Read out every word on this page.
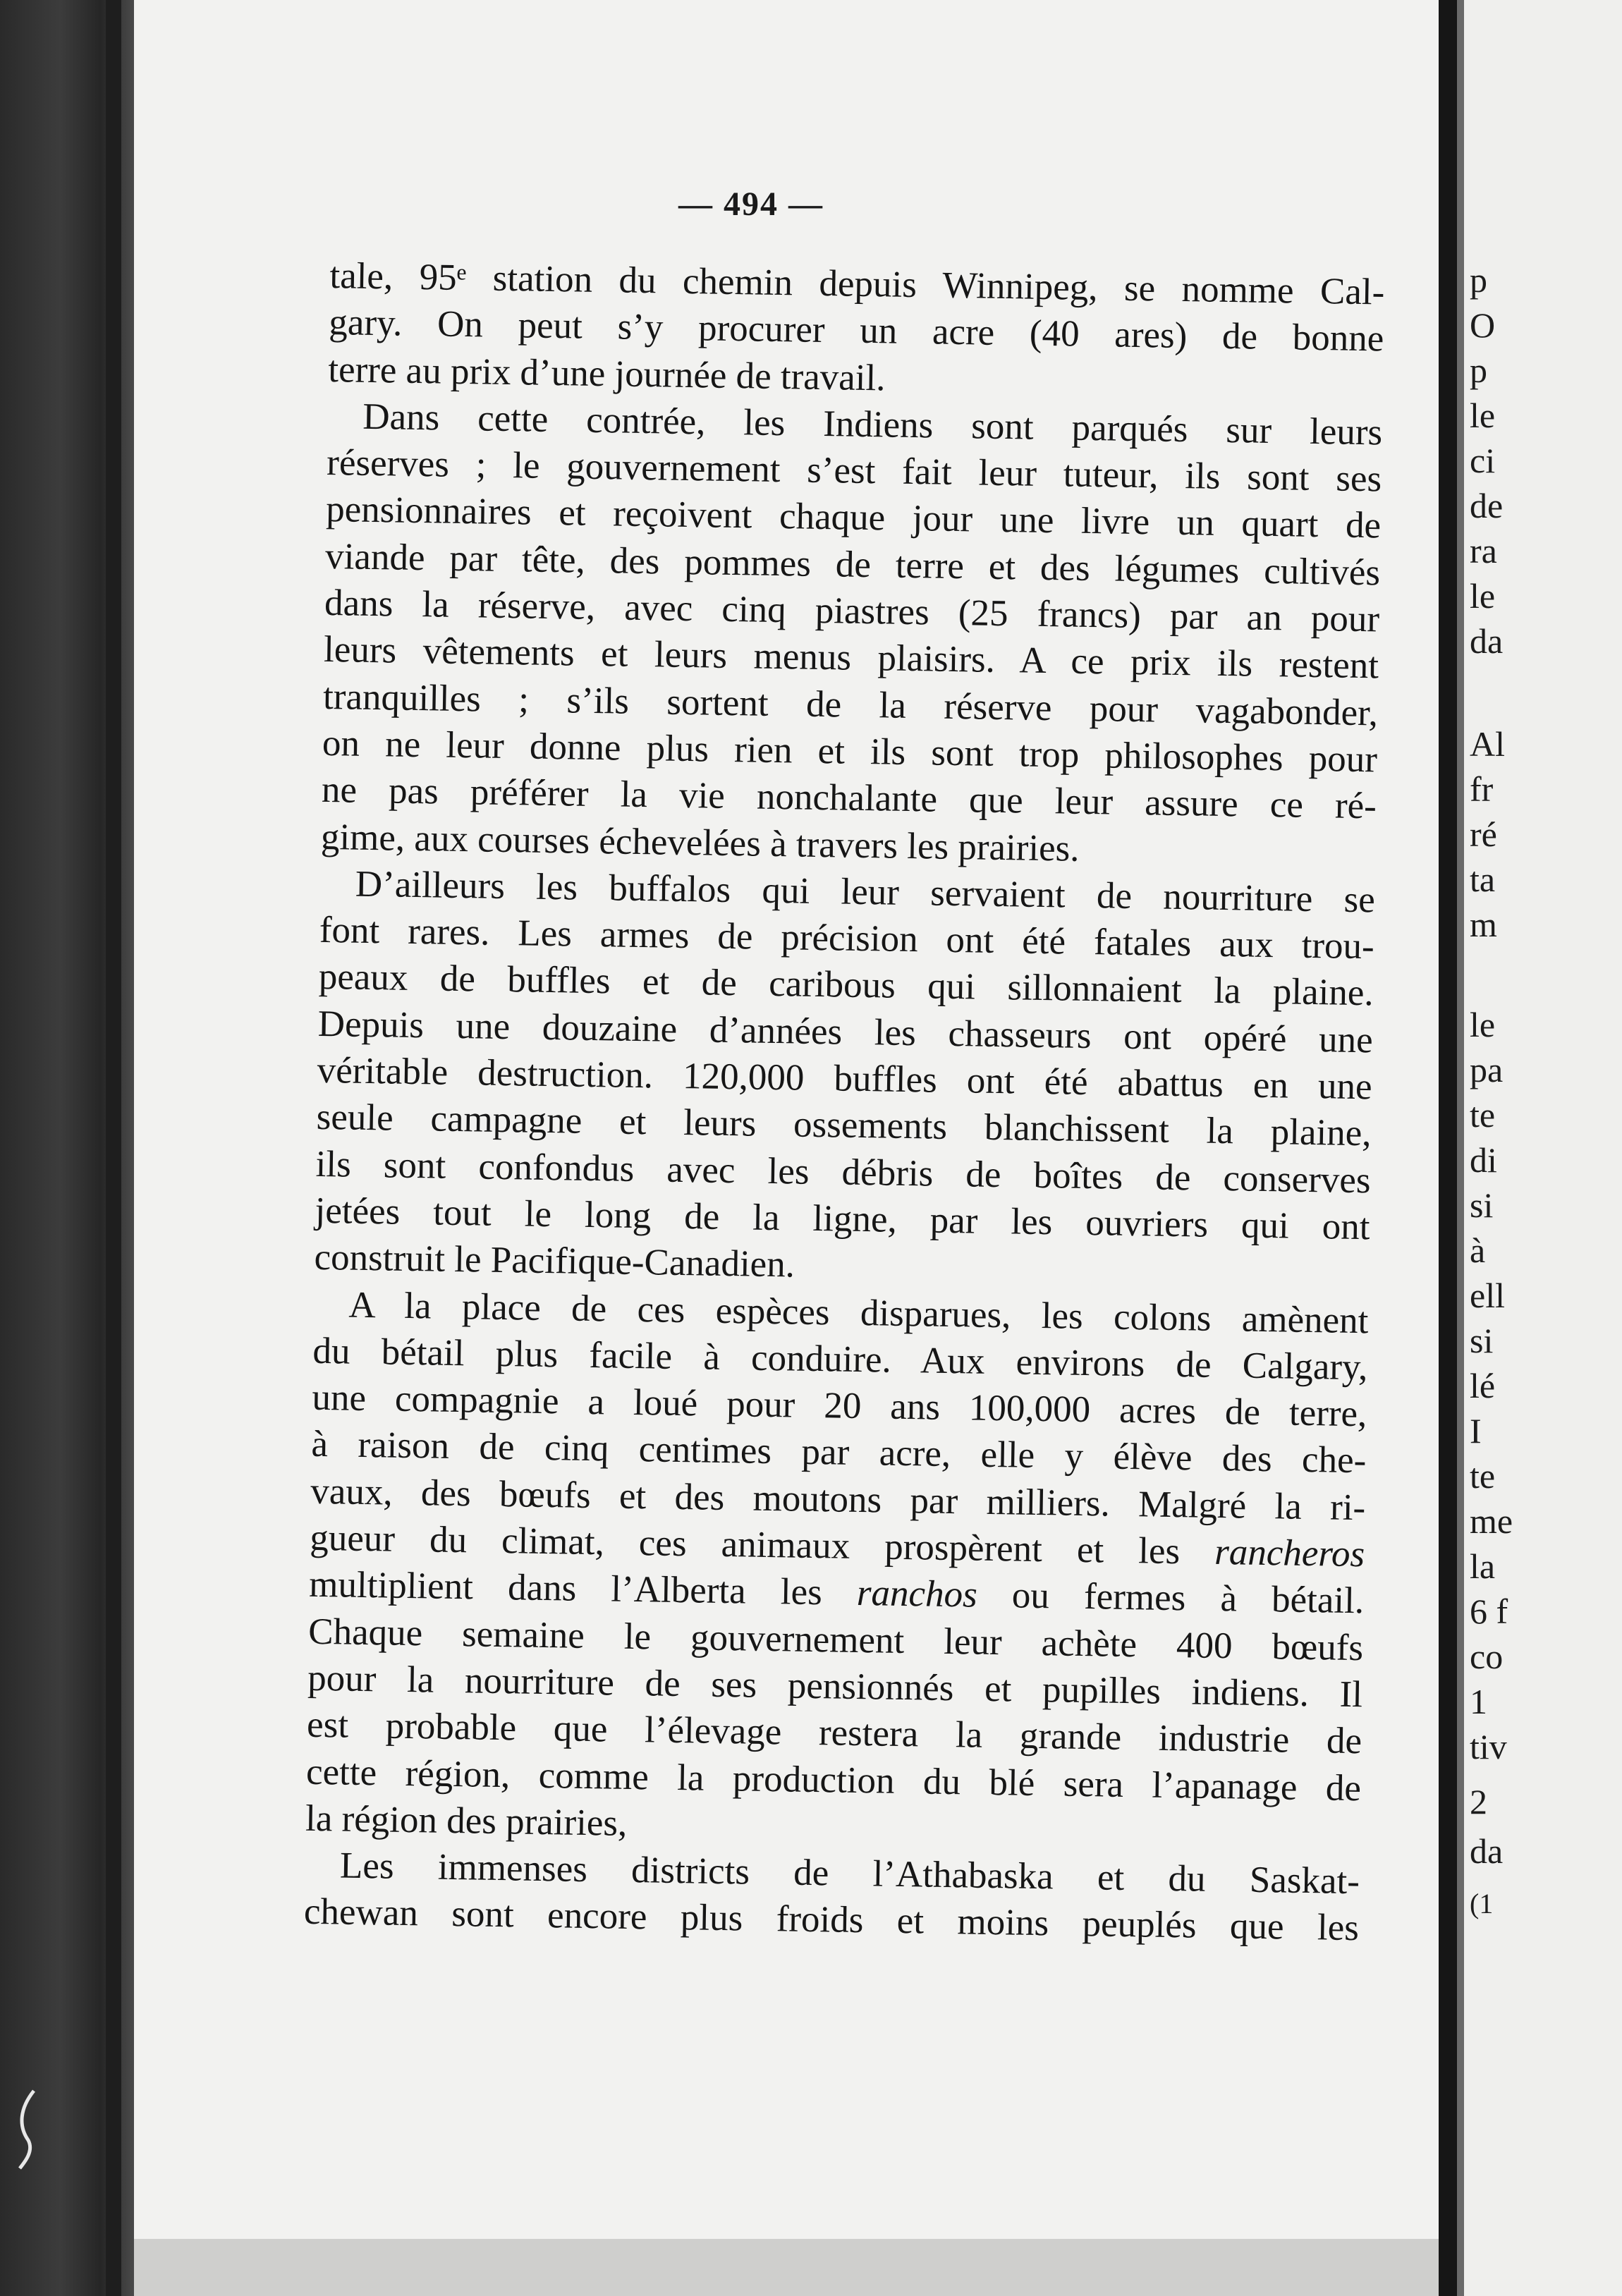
— 494 —
tale, 95ᵉ station du chemin depuis Winnipeg, se nomme Cal-
gary. On peut s’y procurer un acre (40 ares) de bonne
terre au prix d’une journée de travail.
Dans cette contrée, les Indiens sont parqués sur leurs
réserves ; le gouvernement s’est fait leur tuteur, ils sont ses
pensionnaires et reçoivent chaque jour une livre un quart de
viande par tête, des pommes de terre et des légumes cultivés
dans la réserve, avec cinq piastres (25 francs) par an pour
leurs vêtements et leurs menus plaisirs. A ce prix ils restent
tranquilles ; s’ils sortent de la réserve pour vagabonder,
on ne leur donne plus rien et ils sont trop philosophes pour
ne pas préférer la vie nonchalante que leur assure ce ré-
gime, aux courses échevelées à travers les prairies.
D’ailleurs les buffalos qui leur servaient de nourriture se
font rares. Les armes de précision ont été fatales aux trou-
peaux de buffles et de caribous qui sillonnaient la plaine.
Depuis une douzaine d’années les chasseurs ont opéré une
véritable destruction. 120,000 buffles ont été abattus en une
seule campagne et leurs ossements blanchissent la plaine,
ils sont confondus avec les débris de boîtes de conserves
jetées tout le long de la ligne, par les ouvriers qui ont
construit le Pacifique-Canadien.
A la place de ces espèces disparues, les colons amènent
du bétail plus facile à conduire. Aux environs de Calgary,
une compagnie a loué pour 20 ans 100,000 acres de terre,
à raison de cinq centimes par acre, elle y élève des che-
vaux, des bœufs et des moutons par milliers. Malgré la ri-
gueur du climat, ces animaux prospèrent et les rancheros
multiplient dans l’Alberta les ranchos ou fermes à bétail.
Chaque semaine le gouvernement leur achète 400 bœufs
pour la nourriture de ses pensionnés et pupilles indiens. Il
est probable que l’élevage restera la grande industrie de
cette région, comme la production du blé sera l’apanage de
la région des prairies,
Les immenses districts de l’Athabaska et du Saskat-
chewan sont encore plus froids et moins peuplés que les
p
O
p
le
ci
de
ra
le
da
Al
fr
ré
ta
m
le
pa
te
di
si
à
ell
si
lé
I
te
me
la
6 f
co
1
tiv
2
da
(1
